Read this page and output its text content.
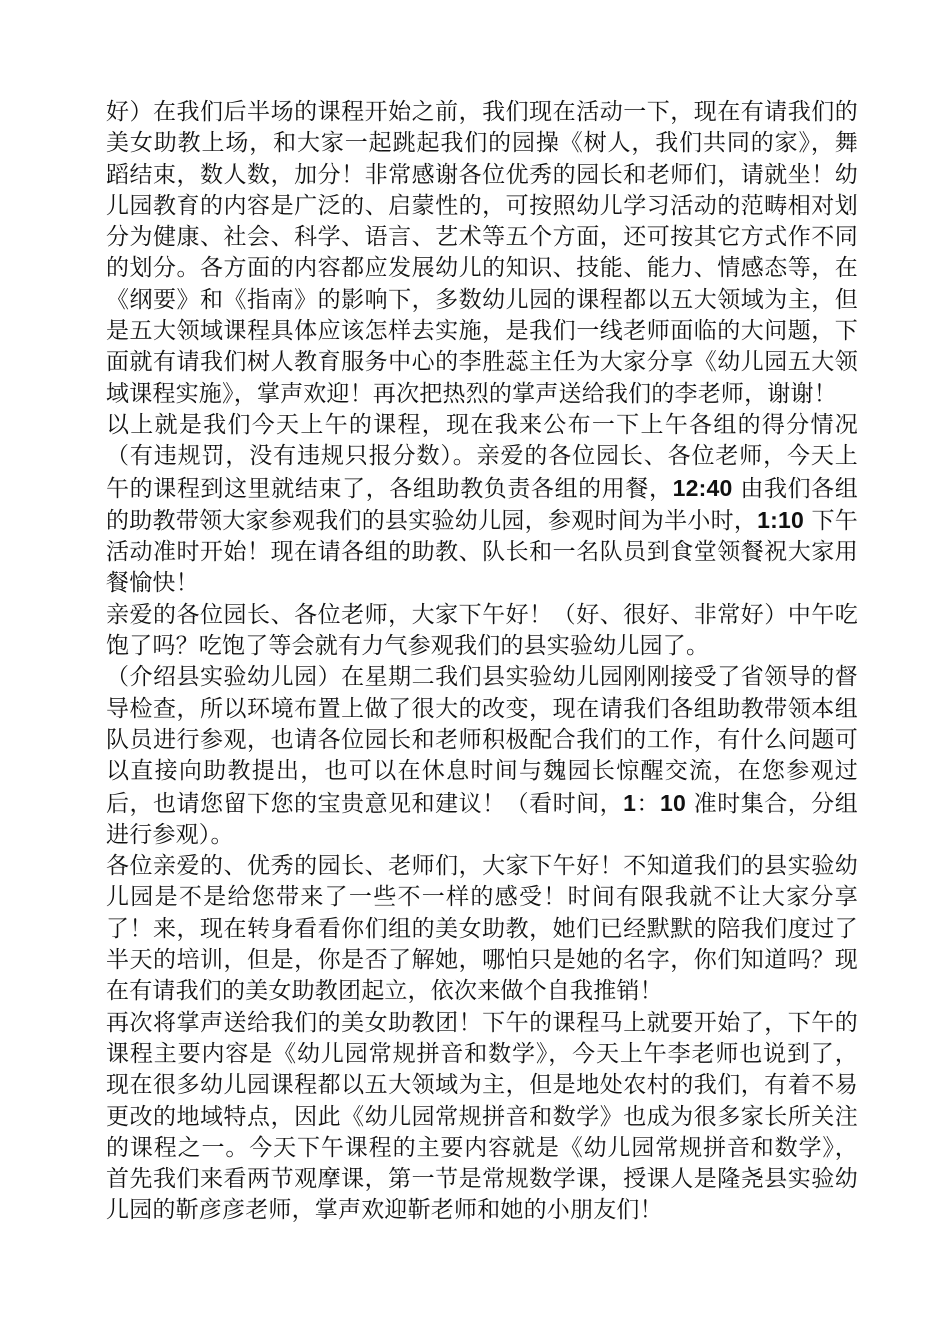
好）在我们后半场的课程开始之前，我们现在活动一下，现在有请我们的美女助教上场，和大家一起跳起我们的园操《树人，我们共同的家》，舞蹈结束，数人数，加分！非常感谢各位优秀的园长和老师们，请就坐！幼儿园教育的内容是广泛的、启蒙性的，可按照幼儿学习活动的范畴相对划分为健康、社会、科学、语言、艺术等五个方面，还可按其它方式作不同的划分。各方面的内容都应发展幼儿的知识、技能、能力、情感态等，在《纲要》和《指南》的影响下，多数幼儿园的课程都以五大领域为主，但是五大领域课程具体应该怎样去实施，是我们一线老师面临的大问题，下面就有请我们树人教育服务中心的李胜蕊主任为大家分享《幼儿园五大领域课程实施》，掌声欢迎！再次把热烈的掌声送给我们的李老师，谢谢！

以上就是我们今天上午的课程，现在我来公布一下上午各组的得分情况（有违规罚，没有违规只报分数）。亲爱的各位园长、各位老师，今天上午的课程到这里就结束了，各组助教负责各组的用餐，12:40 由我们各组的助教带领大家参观我们的县实验幼儿园，参观时间为半小时，1:10 下午活动准时开始！现在请各组的助教、队长和一名队员到食堂领餐祝大家用餐愉快！

亲爱的各位园长、各位老师，大家下午好！（好、很好、非常好）中午吃饱了吗？吃饱了等会就有力气参观我们的县实验幼儿园了。

（介绍县实验幼儿园）在星期二我们县实验幼儿园刚刚接受了省领导的督导检查，所以环境布置上做了很大的改变，现在请我们各组助教带领本组队员进行参观，也请各位园长和老师积极配合我们的工作，有什么问题可以直接向助教提出，也可以在休息时间与魏园长惊醒交流，在您参观过后，也请您留下您的宝贵意见和建议！（看时间，1：10 准时集合，分组进行参观）。

各位亲爱的、优秀的园长、老师们，大家下午好！不知道我们的县实验幼儿园是不是给您带来了一些不一样的感受！时间有限我就不让大家分享了！来，现在转身看看你们组的美女助教，她们已经默默的陪我们度过了半天的培训，但是，你是否了解她，哪怕只是她的名字，你们知道吗？现在有请我们的美女助教团起立，依次来做个自我推销！

再次将掌声送给我们的美女助教团！下午的课程马上就要开始了，下午的课程主要内容是《幼儿园常规拼音和数学》，今天上午李老师也说到了，现在很多幼儿园课程都以五大领域为主，但是地处农村的我们，有着不易更改的地域特点，因此《幼儿园常规拼音和数学》也成为很多家长所关注的课程之一。今天下午课程的主要内容就是《幼儿园常规拼音和数学》，首先我们来看两节观摩课，第一节是常规数学课，授课人是隆尧县实验幼儿园的靳彦彦老师，掌声欢迎靳老师和她的小朋友们！
